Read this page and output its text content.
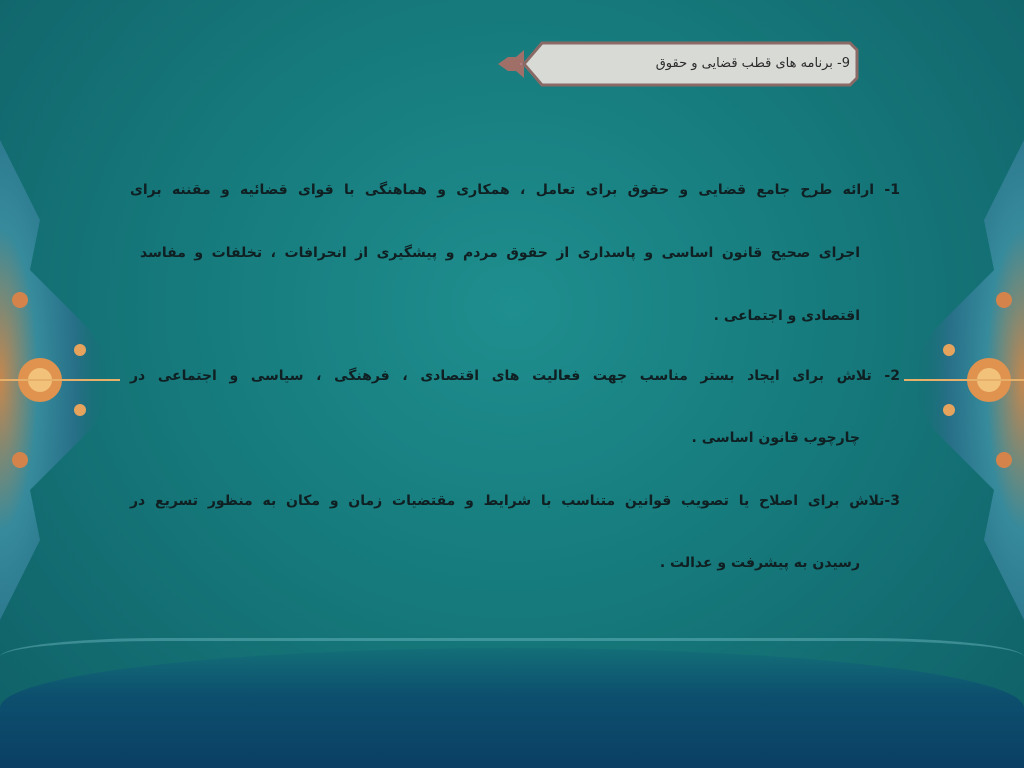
9- برنامه های قطب قضایی و حقوق
1- ارائه طرح جامع قضایی و حقوق برای تعامل ، همکاری و هماهنگی با قوای قضائیه و مقننه برای
اجرای صحیح قانون اساسی و پاسداری از حقوق مردم و پیشگیری از انحرافات ، تخلفات و مفاسد
اقتصادی و اجتماعی .
2- تلاش برای ایجاد بستر مناسب جهت فعالیت های اقتصادی ، فرهنگی ، سیاسی و اجتماعی در
چارچوب قانون اساسی .
3-تلاش برای اصلاح یا تصویب قوانین متناسب با شرایط و مقتضیات زمان و مکان به منظور تسریع در
رسیدن به پیشرفت و عدالت .
